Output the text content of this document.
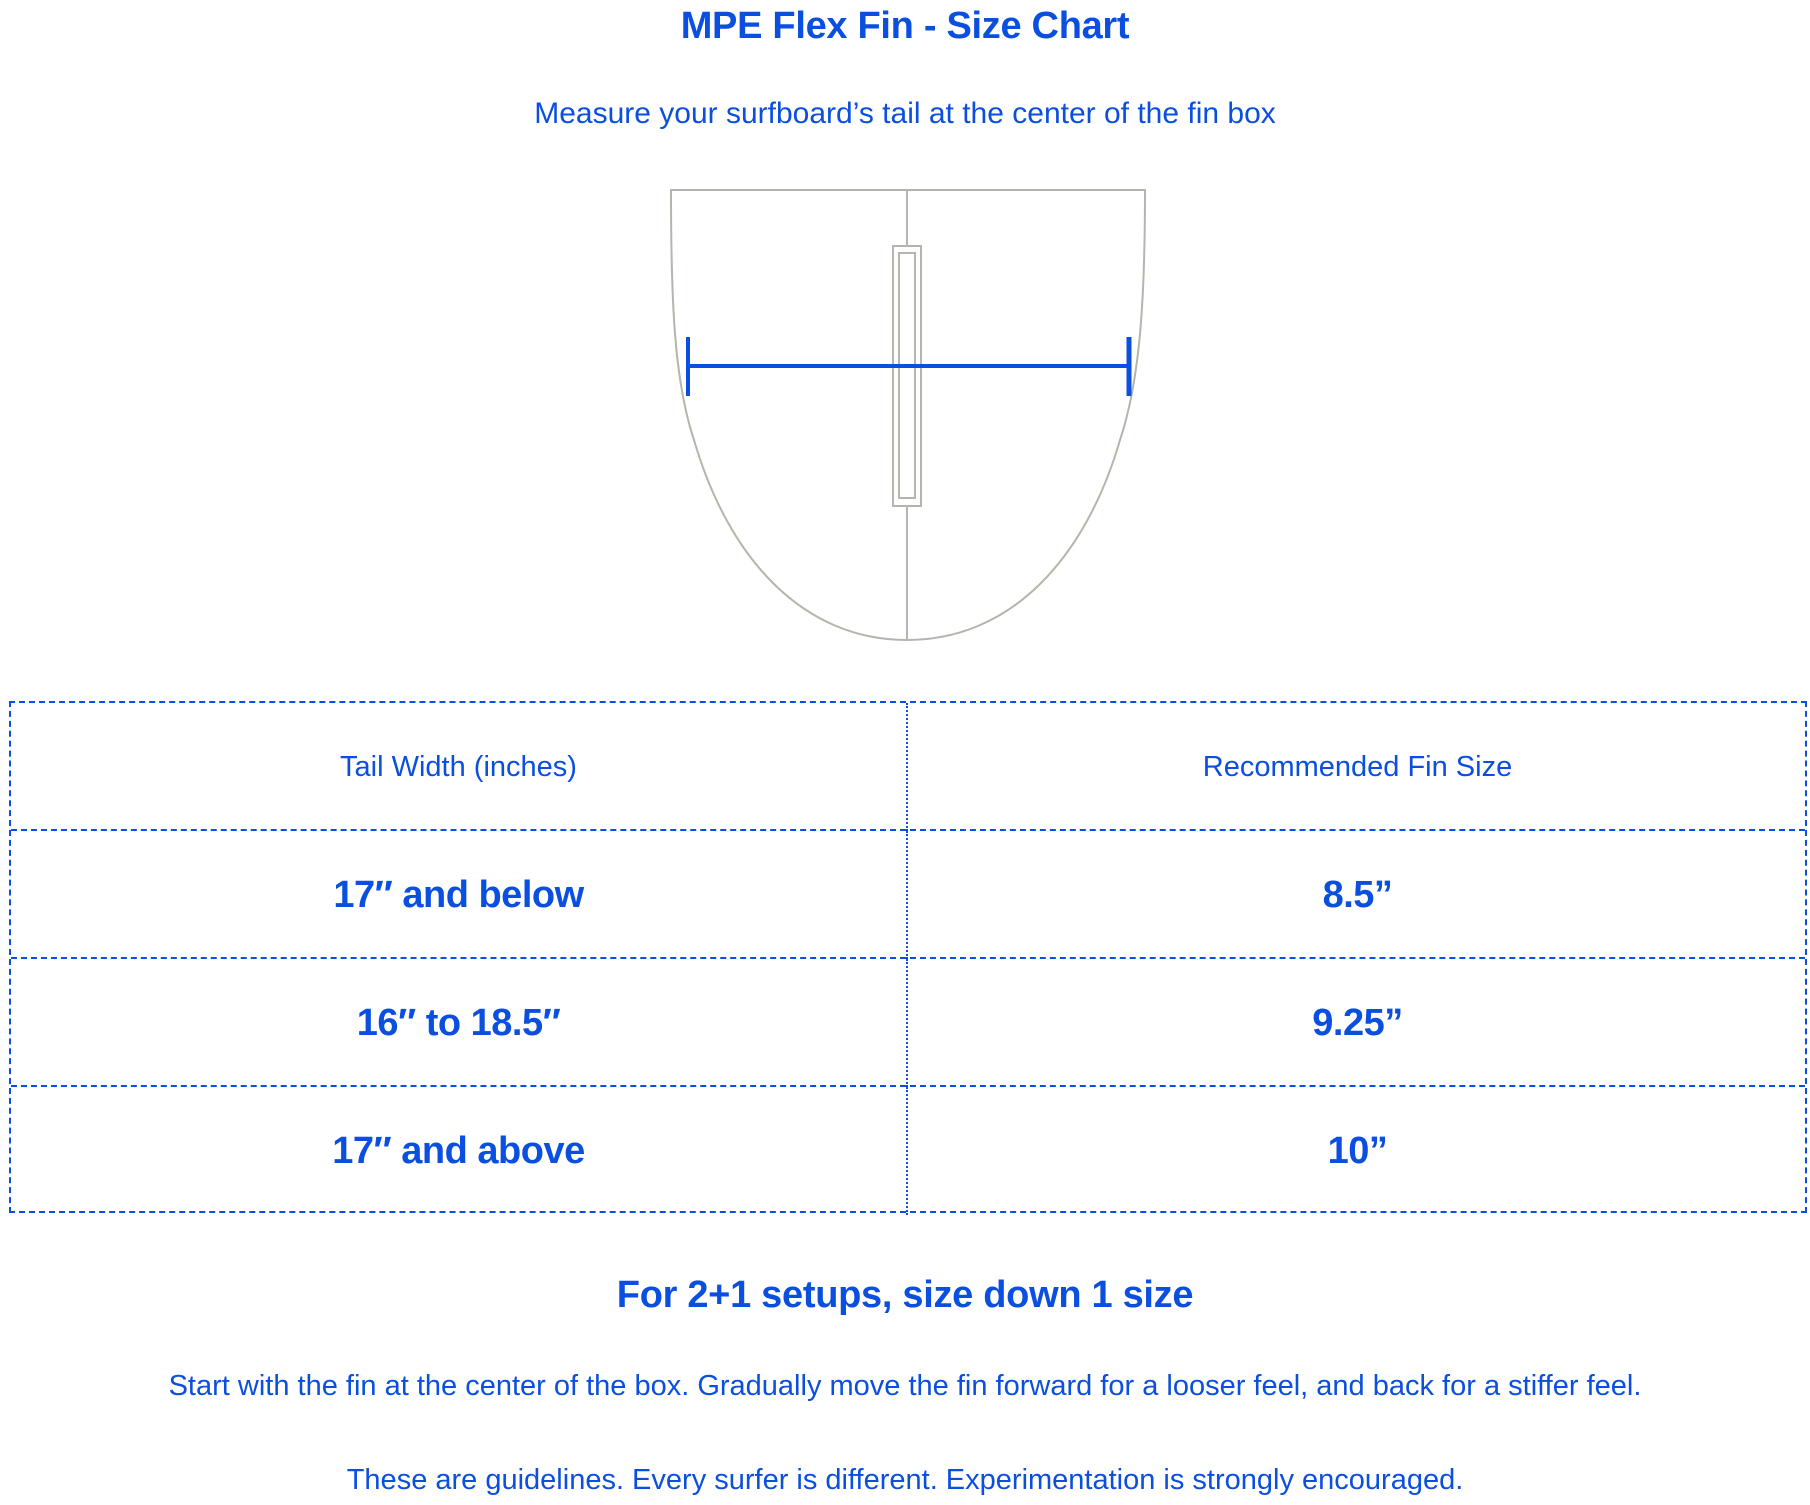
MPE Flex Fin - Size Chart
Measure your surfboard’s tail at the center of the fin box
Tail Width (inches)	Recommended Fin Size
17″ and below	8.5”
16″ to 18.5″	9.25”
17″ and above	10”
For 2+1 setups, size down 1 size
Start with the fin at the center of the box. Gradually move the fin forward for a looser feel, and back for a stiffer feel.
These are guidelines. Every surfer is different. Experimentation is strongly encouraged.
